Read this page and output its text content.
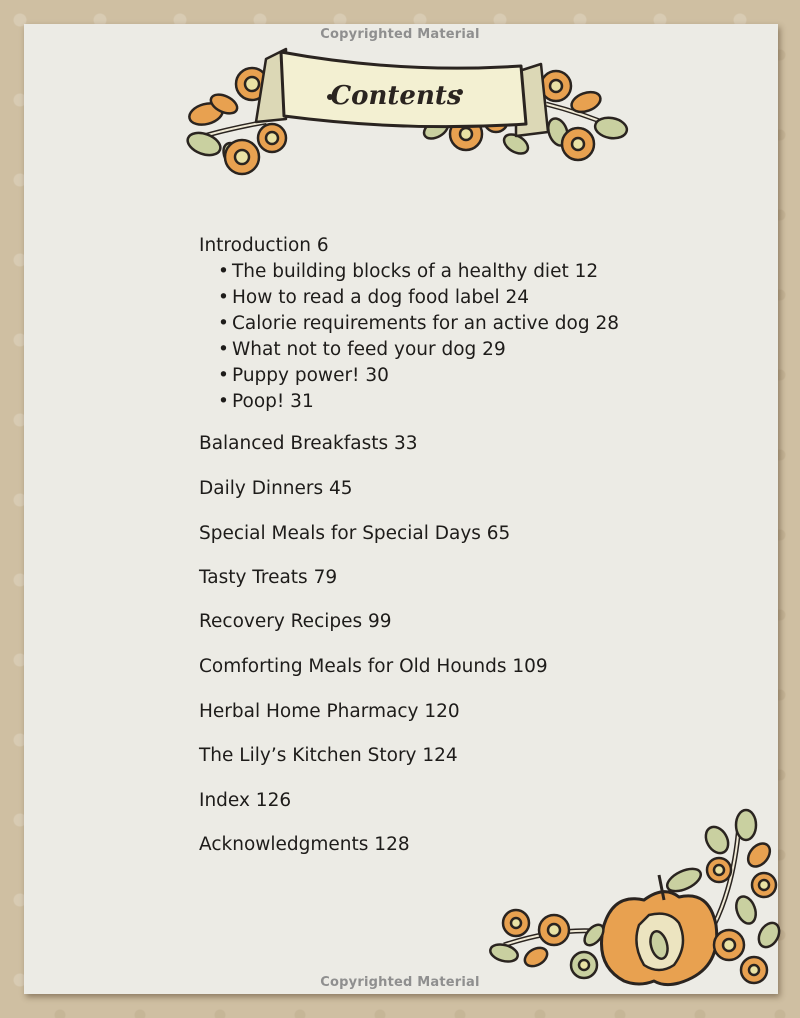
Copyrighted Material
Contents
Introduction 6
• The building blocks of a healthy diet 12
• How to read a dog food label 24
• Calorie requirements for an active dog 28
• What not to feed your dog 29
• Puppy power! 30
• Poop! 31
Balanced Breakfasts 33
Daily Dinners 45
Special Meals for Special Days 65
Tasty Treats 79
Recovery Recipes 99
Comforting Meals for Old Hounds 109
Herbal Home Pharmacy 120
The Lily’s Kitchen Story 124
Index 126
Acknowledgments 128
Copyrighted Material
